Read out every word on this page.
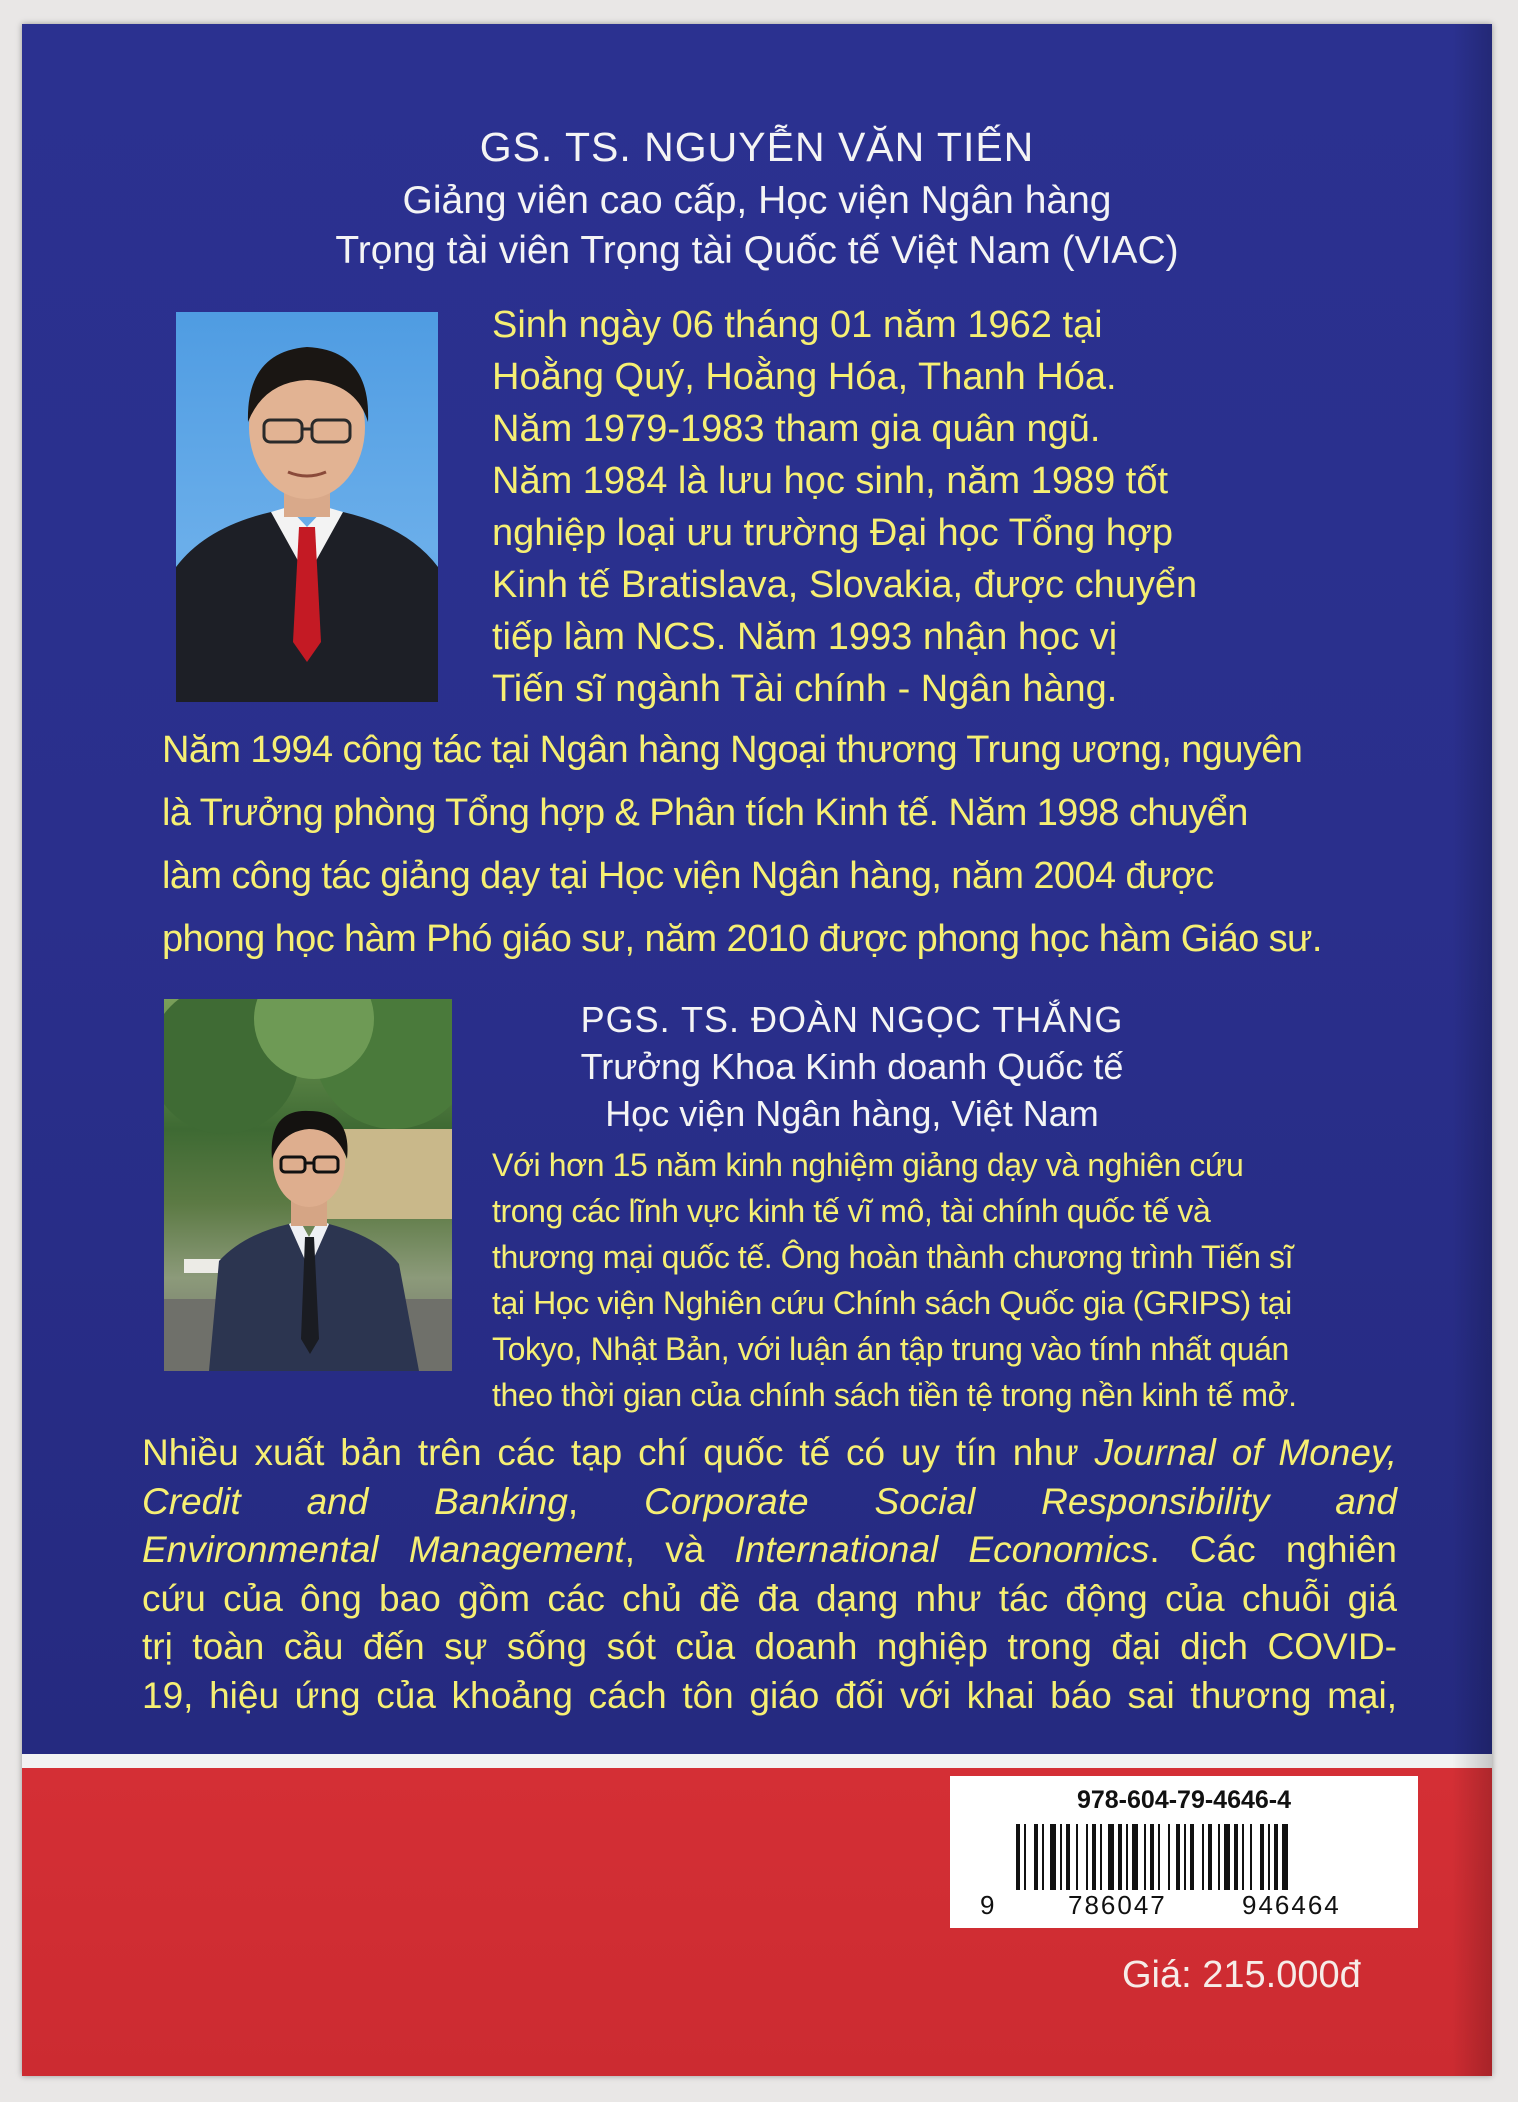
GS. TS. NGUYỄN VĂN TIẾN
Giảng viên cao cấp, Học viện Ngân hàng
Trọng tài viên Trọng tài Quốc tế Việt Nam (VIAC)
Sinh ngày 06 tháng 01 năm 1962 tại
Hoằng Quý, Hoằng Hóa, Thanh Hóa.
Năm 1979-1983 tham gia quân ngũ.
Năm 1984 là lưu học sinh, năm 1989 tốt
nghiệp loại ưu trường Đại học Tổng hợp
Kinh tế Bratislava, Slovakia, được chuyển
tiếp làm NCS. Năm 1993 nhận học vị
Tiến sĩ ngành Tài chính - Ngân hàng.
Năm 1994 công tác tại Ngân hàng Ngoại thương Trung ương, nguyên
là Trưởng phòng Tổng hợp & Phân tích Kinh tế. Năm 1998 chuyển
làm công tác giảng dạy tại Học viện Ngân hàng, năm 2004 được
phong học hàm Phó giáo sư, năm 2010 được phong học hàm Giáo sư.
PGS. TS. ĐOÀN NGỌC THẮNG
Trưởng Khoa Kinh doanh Quốc tế
Học viện Ngân hàng, Việt Nam
Với hơn 15 năm kinh nghiệm giảng dạy và nghiên cứu
trong các lĩnh vực kinh tế vĩ mô, tài chính quốc tế và
thương mại quốc tế. Ông hoàn thành chương trình Tiến sĩ
tại Học viện Nghiên cứu Chính sách Quốc gia (GRIPS) tại
Tokyo, Nhật Bản, với luận án tập trung vào tính nhất quán
theo thời gian của chính sách tiền tệ trong nền kinh tế mở.
Nhiều xuất bản trên các tạp chí quốc tế có uy tín như Journal of Money,
Credit and Banking, Corporate Social Responsibility and
Environmental Management, và International Economics. Các nghiên
cứu của ông bao gồm các chủ đề đa dạng như tác động của chuỗi giá
trị toàn cầu đến sự sống sót của doanh nghiệp trong đại dịch COVID-
19, hiệu ứng của khoảng cách tôn giáo đối với khai báo sai thương mại,
978-604-79-4646-4
9	786047	946464
Giá: 215.000đ
